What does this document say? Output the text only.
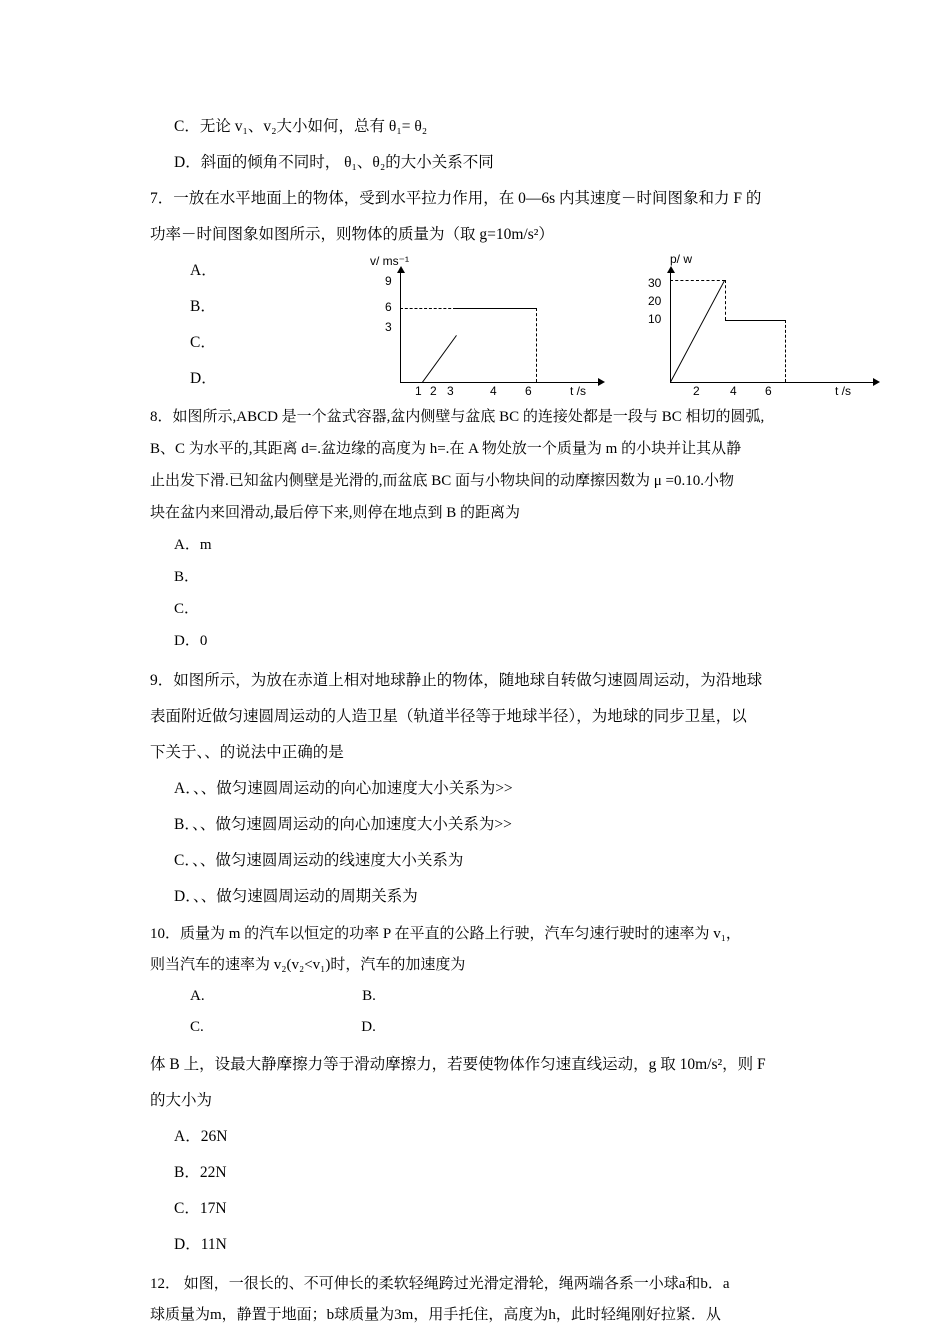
C．无论 v₁、v₂大小如何，总有 θ₁= θ₂
D．斜面的倾角不同时， θ₁、θ₂的大小关系不同
7．一放在水平地面上的物体，受到水平拉力作用，在 0—6s 内其速度－时间图象和力 F 的
功率－时间图象如图所示，则物体的质量为（取 g=10m/s²）
A．
B．
C．
D．
v/ ms⁻¹
t /s
9
6
3
1 2 3	4 6
p/ w
t /s
30
20
10
2	4 6
8．如图所示,ABCD 是一个盆式容器,盆内侧壁与盆底 BC 的连接处都是一段与 BC 相切的圆弧,
B、C 为水平的,其距离 d=.盆边缘的高度为 h=.在 A 物处放一个质量为 m 的小块并让其从静
止出发下滑.已知盆内侧壁是光滑的,而盆底 BC 面与小物块间的动摩擦因数为 μ =0.10.小物
块在盆内来回滑动,最后停下来,则停在地点到 B 的距离为
A．m
B．
C．
D．0
9．如图所示，为放在赤道上相对地球静止的物体，随地球自转做匀速圆周运动，为沿地球
表面附近做匀速圆周运动的人造卫星（轨道半径等于地球半径），为地球的同步卫星，以
下关于、、的说法中正确的是
A．、、做匀速圆周运动的向心加速度大小关系为>>
B．、、做匀速圆周运动的向心加速度大小关系为>>
C．、、做匀速圆周运动的线速度大小关系为
D．、、做匀速圆周运动的周期关系为
10．质量为 m 的汽车以恒定的功率 P 在平直的公路上行驶，汽车匀速行驶时的速率为 v₁，
则当汽车的速率为 v₂(v₂<v₁)时，汽车的加速度为
A.                                          B.
C.                                          D.
体 B 上，设最大静摩擦力等于滑动摩擦力，若要使物体作匀速直线运动，g 取 10m/s²，则 F
的大小为
A．26N
B．22N
C．17N
D．11N
12． 如图，一很长的、不可伸长的柔软轻绳跨过光滑定滑轮，绳两端各系一小球a和b．a
球质量为m，静置于地面；b球质量为3m，用手托住，高度为h，此时轻绳刚好拉紧．从
